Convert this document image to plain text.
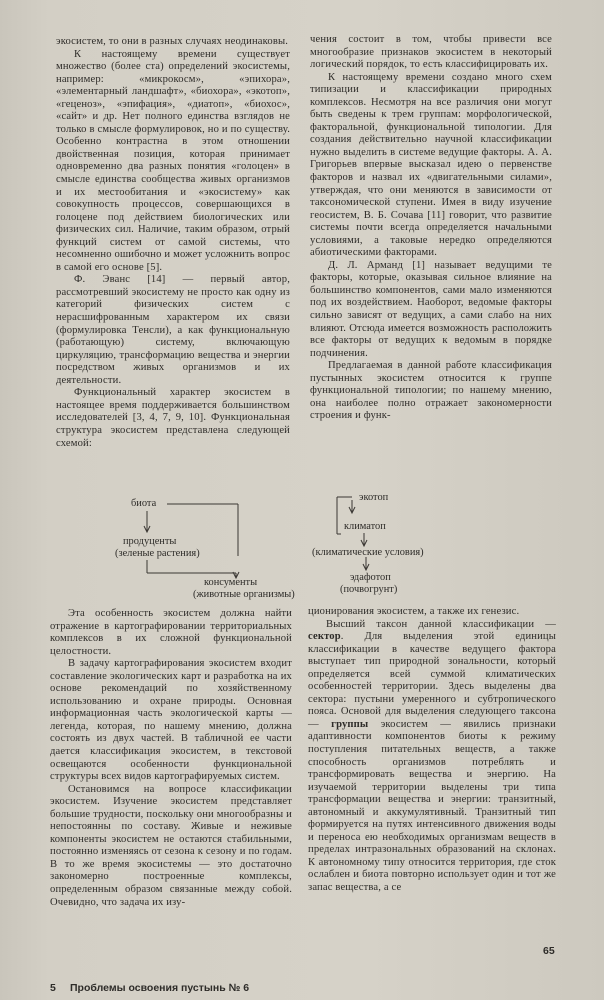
экосистем, то они в разных случаях неодинаковы.

К настоящему времени существует множество (более ста) определений экосистемы, например: «микрокосм», «эпихора», «элементарный ландшафт», «биохора», «экотоп», «геценоз», «эпифация», «диатоп», «биохос», «сайт» и др. Нет полного единства взглядов не только в смысле формулировок, но и по существу. Особенно контрастна в этом отношении двойственная позиция, которая принимает одновременно два разных понятия «голоцен» в смысле единства сообщества живых организмов и их местообитания и «экосистему» как совокупность процессов, совершающихся в голоцене под действием биологических или физических сил. Наличие, таким образом, отрый функций систем от самой системы, что несомненно ошибочно и может усложнить вопрос в самой его основе [5].

Ф. Эванс [14] — первый автор, рассмотревший экосистему не просто как одну из категорий физических систем с нерасшифрованным характером их связи (формулировка Тенсли), а как функциональную (работающую) систему, включающую циркуляцию, трансформацию вещества и энергии посредством живых организмов и их деятельности.

Функциональный характер экосистем в настоящее время поддерживается большинством исследователей [3, 4, 7, 9, 10]. Функциональная структура экосистем представлена следующей схемой:

чения состоит в том, чтобы привести все многообразие признаков экосистем в некоторый логический порядок, то есть классифицировать их.

К настоящему времени создано много схем типизации и классификации природных комплексов. Несмотря на все различия они могут быть сведены к трем группам: морфологической, факторальной, функциональной типологии. Для создания действительно научной классификации нужно выделить в системе ведущие факторы. А. А. Григорьев впервые высказал идею о первенстве факторов и назвал их «двигательными силами», утверждая, что они меняются в зависимости от таксономической ступени. Имея в виду изучение геосистем, В. Б. Сочава [11] говорит, что развитие системы почти всегда определяется начальными условиями, а таковые нередко определяются абиотическими факторами.

Д. Л. Арманд [1] называет ведущими те факторы, которые, оказывая сильное влияние на большинство компонентов, сами мало изменяются под их воздействием. Наоборот, ведомые факторы сильно зависят от ведущих, а сами слабо на них влияют. Отсюда имеется возможность расположить все факторы от ведущих к ведомым в порядке подчинения.

Предлагаемая в данной работе классификация пустынных экосистем относится к группе функциональной типологии; по нашему мнению, она наиболее полно отражает закономерности строения и функ-

биота
продуценты
(зеленые растения)
консументы
(животные организмы)
экотоп
климатоп
(климатические условия)
эдафотоп
(почвогрунт)

Эта особенность экосистем должна найти отражение в картографировании территориальных комплексов в их сложной функциональной целостности.

В задачу картографирования экосистем входит составление экологических карт и разработка на их основе рекомендаций по хозяйственному использованию и охране природы. Основная информационная часть экологической карты — легенда, которая, по нашему мнению, должна состоять из двух частей. В табличной ее части дается классификация экосистем, в текстовой освещаются особенности функциональной структуры всех видов картографируемых систем.

Остановимся на вопросе классификации экосистем. Изучение экосистем представляет большие трудности, поскольку они многообразны и непостоянны по составу. Живые и неживые компоненты экосистем не остаются стабильными, постоянно изменяясь от сезона к сезону и по годам. В то же время экосистемы — это достаточно закономерно построенные комплексы, определенным образом связанные между собой. Очевидно, что задача их изу-

ционирования экосистем, а также их генезис.

Высший таксон данной классификации — сектор. Для выделения этой единицы классификации в качестве ведущего фактора выступает тип природной зональности, который определяется всей суммой климатических особенностей территории. Здесь выделены два сектора: пустыни умеренного и субтропического пояса. Основой для выделения следующего таксона — группы экосистем — явились признаки адаптивности компонентов биоты к режиму поступления питательных веществ, а также способность организмов потреблять и трансформировать вещества и энергию. На изучаемой территории выделены три типа трансформации вещества и энергии: транзитный, автономный и аккумулятивный. Транзитный тип формируется на путях интенсивного движения воды и переноса ею необходимых организмам веществ в пределах интразональных образований на склонах. К автономному типу относится территория, где сток ослаблен и биота повторно использует один и тот же запас вещества, а се

5 Проблемы освоения пустынь № 6
65
